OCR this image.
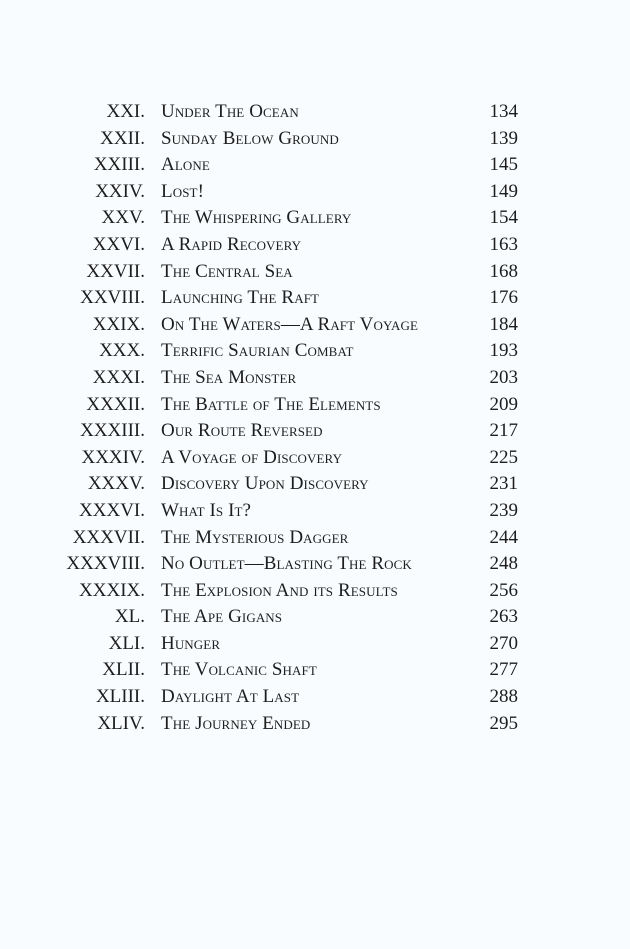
XXI. Under The Ocean	134
XXII. Sunday Below Ground	139
XXIII. Alone	145
XXIV. Lost!	149
XXV. The Whispering Gallery	154
XXVI. A Rapid Recovery	163
XXVII. The Central Sea	168
XXVIII. Launching The Raft	176
XXIX. On The Waters—A Raft Voyage	184
XXX. Terrific Saurian Combat	193
XXXI. The Sea Monster	203
XXXII. The Battle of The Elements	209
XXXIII. Our Route Reversed	217
XXXIV. A Voyage of Discovery	225
XXXV. Discovery Upon Discovery	231
XXXVI. What Is It?	239
XXXVII. The Mysterious Dagger	244
XXXVIII. No Outlet—Blasting The Rock	248
XXXIX. The Explosion And its Results	256
XL. The Ape Gigans	263
XLI. Hunger	270
XLII. The Volcanic Shaft	277
XLIII. Daylight At Last	288
XLIV. The Journey Ended	295
